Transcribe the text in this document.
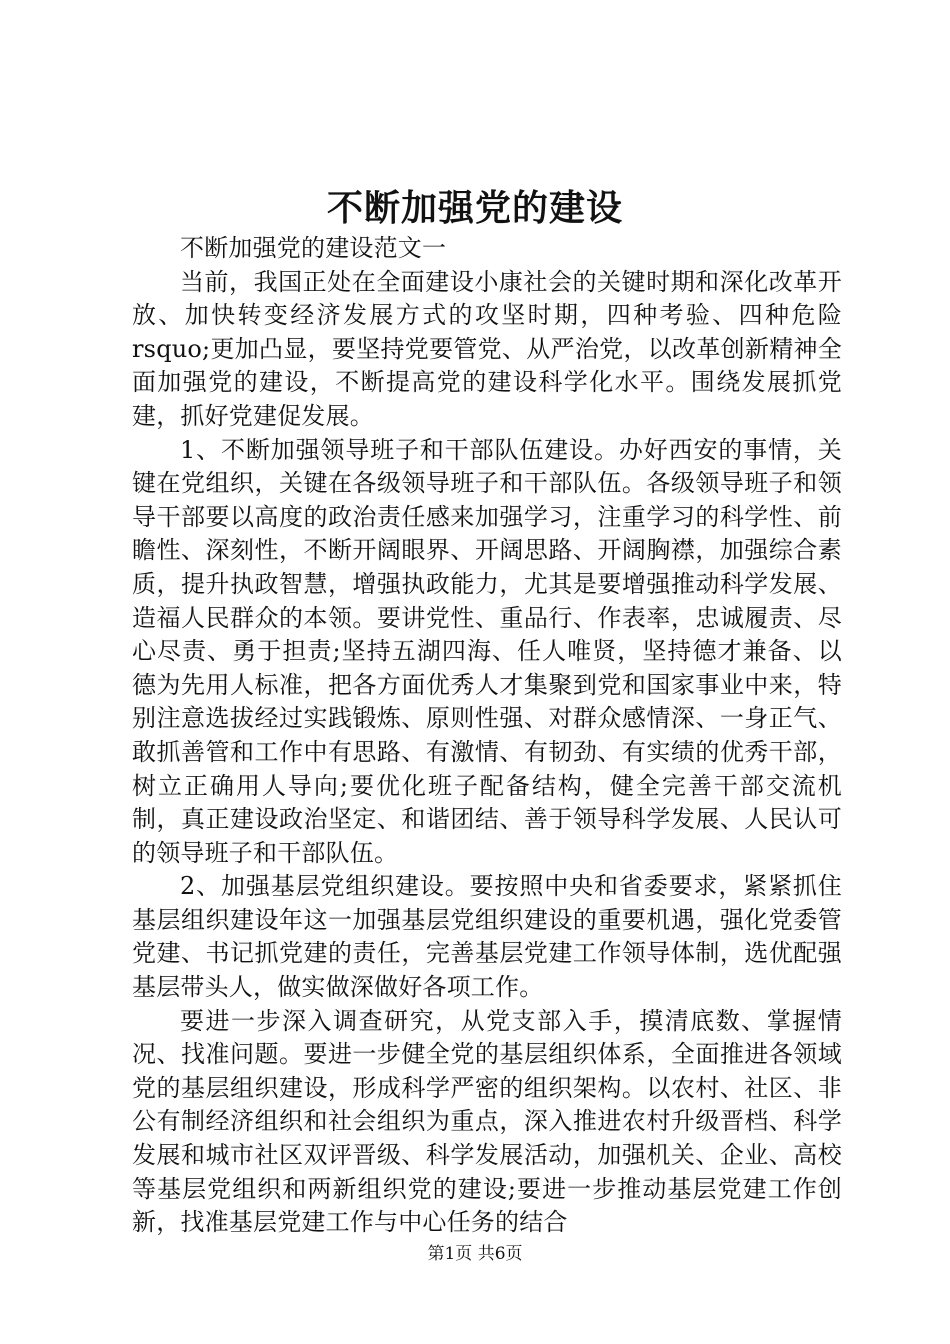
不断加强党的建设

不断加强党的建设范文一

当前，我国正处在全面建设小康社会的关键时期和深化改革开放、加快转变经济发展方式的攻坚时期，四种考验、四种危险rsquo;更加凸显，要坚持党要管党、从严治党，以改革创新精神全面加强党的建设，不断提高党的建设科学化水平。围绕发展抓党建，抓好党建促发展。

1、不断加强领导班子和干部队伍建设。办好西安的事情，关键在党组织，关键在各级领导班子和干部队伍。各级领导班子和领导干部要以高度的政治责任感来加强学习，注重学习的科学性、前瞻性、深刻性，不断开阔眼界、开阔思路、开阔胸襟，加强综合素质，提升执政智慧，增强执政能力，尤其是要增强推动科学发展、造福人民群众的本领。要讲党性、重品行、作表率，忠诚履责、尽心尽责、勇于担责;坚持五湖四海、任人唯贤，坚持德才兼备、以德为先用人标准，把各方面优秀人才集聚到党和国家事业中来，特别注意选拔经过实践锻炼、原则性强、对群众感情深、一身正气、敢抓善管和工作中有思路、有激情、有韧劲、有实绩的优秀干部，树立正确用人导向;要优化班子配备结构，健全完善干部交流机制，真正建设政治坚定、和谐团结、善于领导科学发展、人民认可的领导班子和干部队伍。

2、加强基层党组织建设。要按照中央和省委要求，紧紧抓住基层组织建设年这一加强基层党组织建设的重要机遇，强化党委管党建、书记抓党建的责任，完善基层党建工作领导体制，选优配强基层带头人，做实做深做好各项工作。

要进一步深入调查研究，从党支部入手，摸清底数、掌握情况、找准问题。要进一步健全党的基层组织体系，全面推进各领域党的基层组织建设，形成科学严密的组织架构。以农村、社区、非公有制经济组织和社会组织为重点，深入推进农村升级晋档、科学发展和城市社区双评晋级、科学发展活动，加强机关、企业、高校等基层党组织和两新组织党的建设;要进一步推动基层党建工作创新，找准基层党建工作与中心任务的结合

第1页 共6页
